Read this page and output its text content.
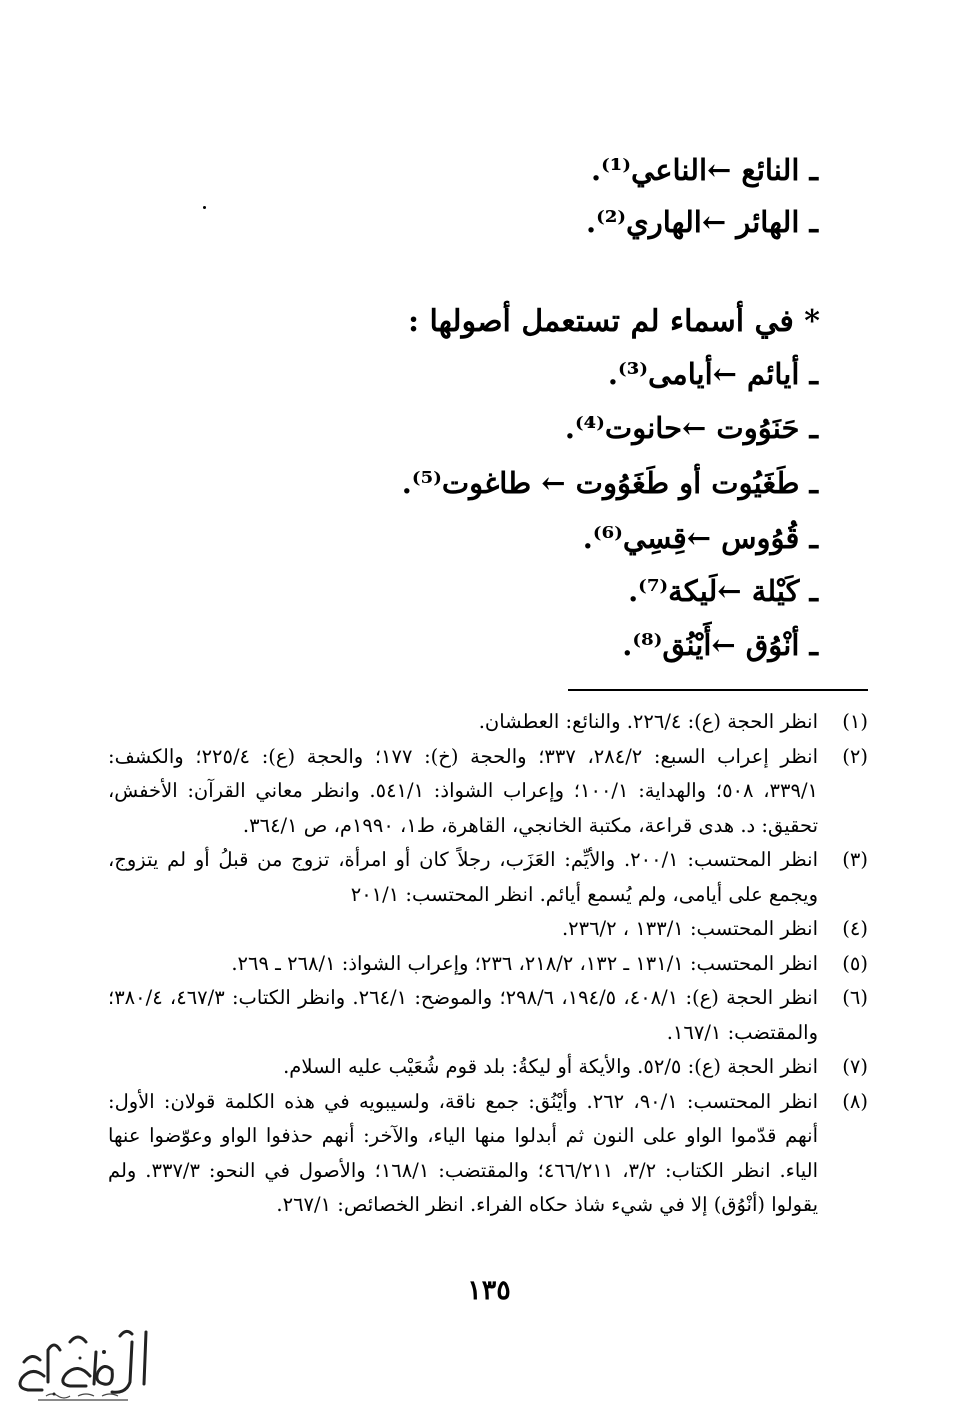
ـ النائع ←الناعي⁽¹⁾.
ـ الهائر ←الهاري⁽²⁾.
* في أسماء لم تستعمل أصولها :
ـ أيائم ←أيامى⁽³⁾.
ـ حَنَوُوت ←حانوت⁽⁴⁾.
ـ طَغَيُوت أو طَغَوُوت ← طاغوت⁽⁵⁾.
ـ قُوُوس ←قِسِي⁽⁶⁾.
ـ كَيْلة ←لَيكة⁽⁷⁾.
ـ أنْوُق ←أَيْنُق⁽⁸⁾.

(١)انظر الحجة (ع): ٢٢٦/٤. والنائع: العطشان.

(٢)انظر إعراب السبع: ٢٨٤/٢، ٣٣٧؛ والحجة (خ): ١٧٧؛ والحجة (ع): ٢٢٥/٤؛ والكشف: ٣٣٩/١، ٥٠٨؛ والهداية: ١٠٠/١؛ وإعراب الشواذ: ٥٤١/١. وانظر معاني القرآن: الأخفش، تحقيق: د. هدى قراعة، مكتبة الخانجي، القاهرة، ط١، ١٩٩٠م، ص ٣٦٤/١.

(٣)انظر المحتسب: ٢٠٠/١. والأيِّم: العَزَب، رجلاً كان أو امرأة، تزوج من قبلُ أو لم يتزوج، ويجمع على أيامى، ولم يُسمع أيائم. انظر المحتسب: ٢٠١/١

(٤)انظر المحتسب: ١٣٣/١ ، ٢٣٦/٢.

(٥)انظر المحتسب: ١٣١/١ ـ ١٣٢، ٢١٨/٢، ٢٣٦؛ وإعراب الشواذ: ٢٦٨/١ ـ ٢٦٩.

(٦)انظر الحجة (ع): ٤٠٨/١، ١٩٤/٥، ٢٩٨/٦؛ والموضح: ٢٦٤/١. وانظر الكتاب: ٤٦٧/٣، ٣٨٠/٤؛ والمقتضب: ١٦٧/١.

(٧)انظر الحجة (ع): ٥٢/٥. والأيكة أو ليكةُ: بلد قوم شُعَيْب عليه السلام.

(٨)انظر المحتسب: ٩٠/١، ٢٦٢. وأيْنُق: جمع ناقة، ولسيبويه في هذه الكلمة قولان: الأول: أنهم قدّموا الواو على النون ثم أبدلوا منها الياء، والآخر: أنهم حذفوا الواو وعوّضوا عنها الياء. انظر الكتاب: ٣/٢، ٤٦٦/٢١١؛ والمقتضب: ١٦٨/١؛ والأصول في النحو: ٣٣٧/٣. ولم يقولوا (أنْوُق) إلا في شيء شاذ حكاه الفراء. انظر الخصائص: ٢٦٧/١.

١٣٥
